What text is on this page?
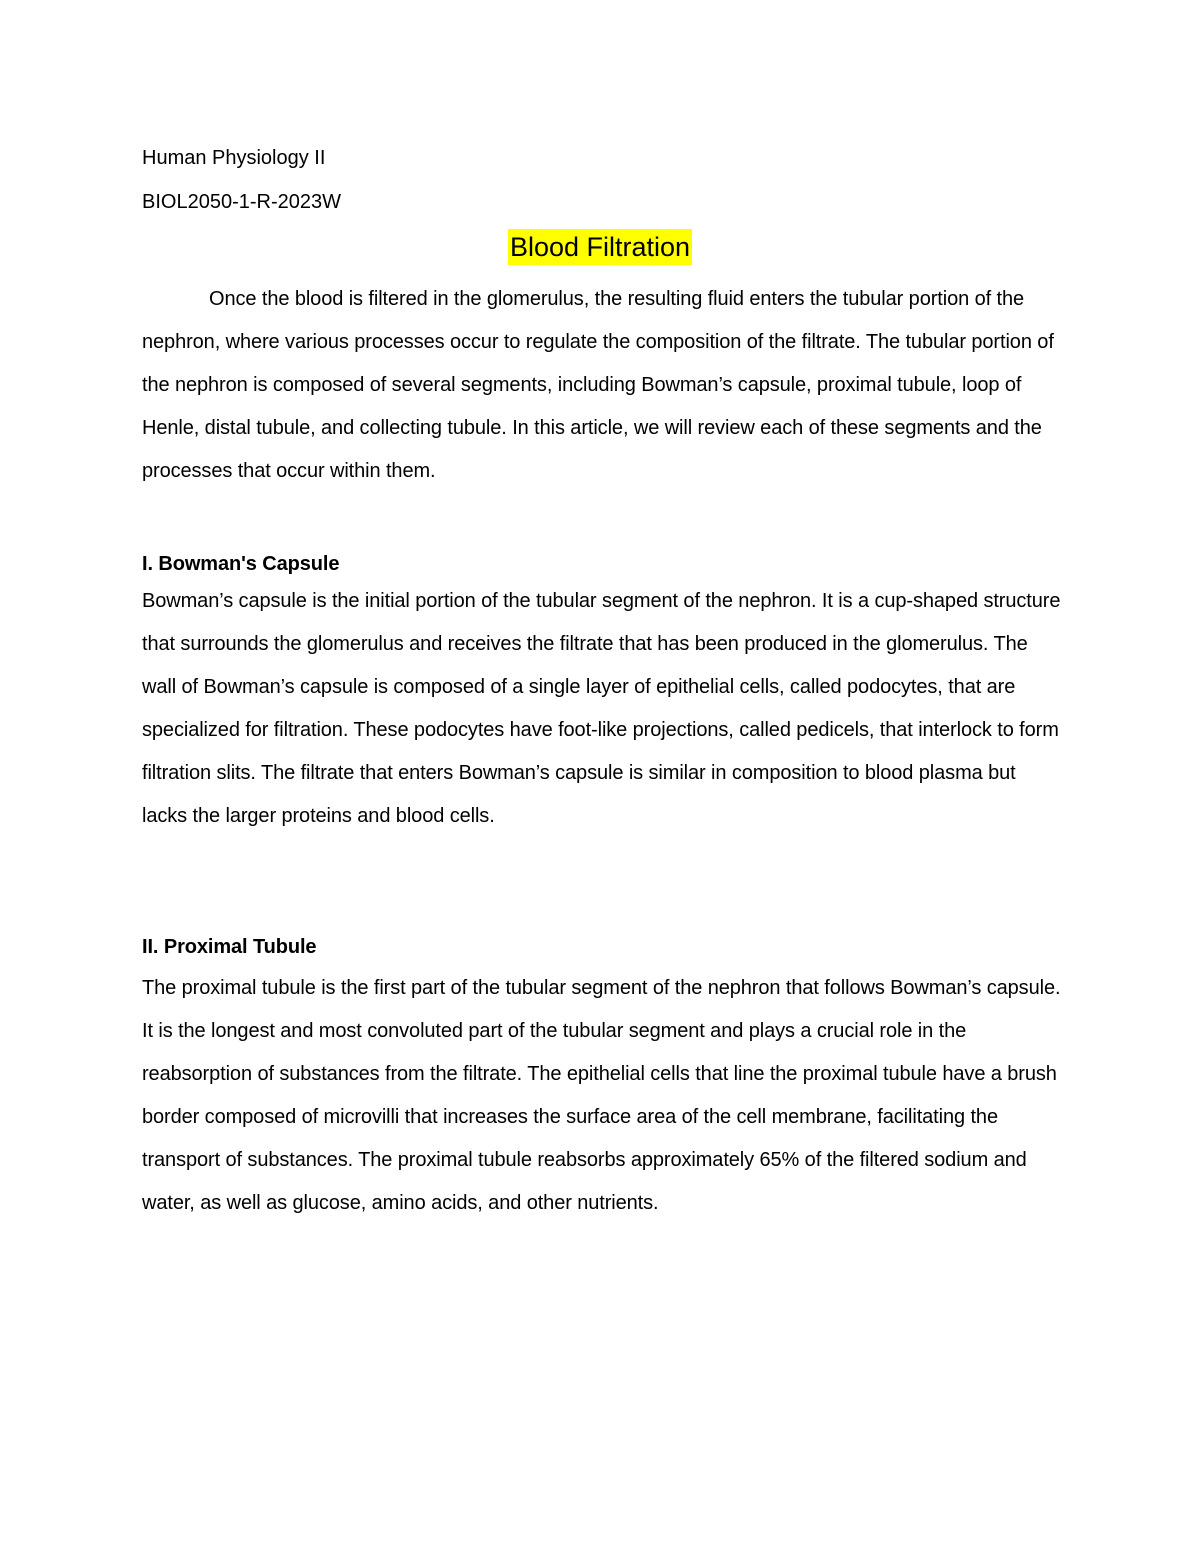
Human Physiology II
BIOL2050-1-R-2023W
Blood Filtration

Once the blood is filtered in the glomerulus, the resulting fluid enters the tubular portion of the nephron, where various processes occur to regulate the composition of the filtrate. The tubular portion of the nephron is composed of several segments, including Bowman’s capsule, proximal tubule, loop of Henle, distal tubule, and collecting tubule. In this article, we will review each of these segments and the processes that occur within them.

I. Bowman's Capsule

Bowman’s capsule is the initial portion of the tubular segment of the nephron. It is a cup-shaped structure that surrounds the glomerulus and receives the filtrate that has been produced in the glomerulus. The wall of Bowman’s capsule is composed of a single layer of epithelial cells, called podocytes, that are specialized for filtration. These podocytes have foot-like projections, called pedicels, that interlock to form filtration slits. The filtrate that enters Bowman’s capsule is similar in composition to blood plasma but lacks the larger proteins and blood cells.

II. Proximal Tubule

The proximal tubule is the first part of the tubular segment of the nephron that follows Bowman’s capsule. It is the longest and most convoluted part of the tubular segment and plays a crucial role in the reabsorption of substances from the filtrate. The epithelial cells that line the proximal tubule have a brush border composed of microvilli that increases the surface area of the cell membrane, facilitating the transport of substances. The proximal tubule reabsorbs approximately 65% of the filtered sodium and water, as well as glucose, amino acids, and other nutrients.
